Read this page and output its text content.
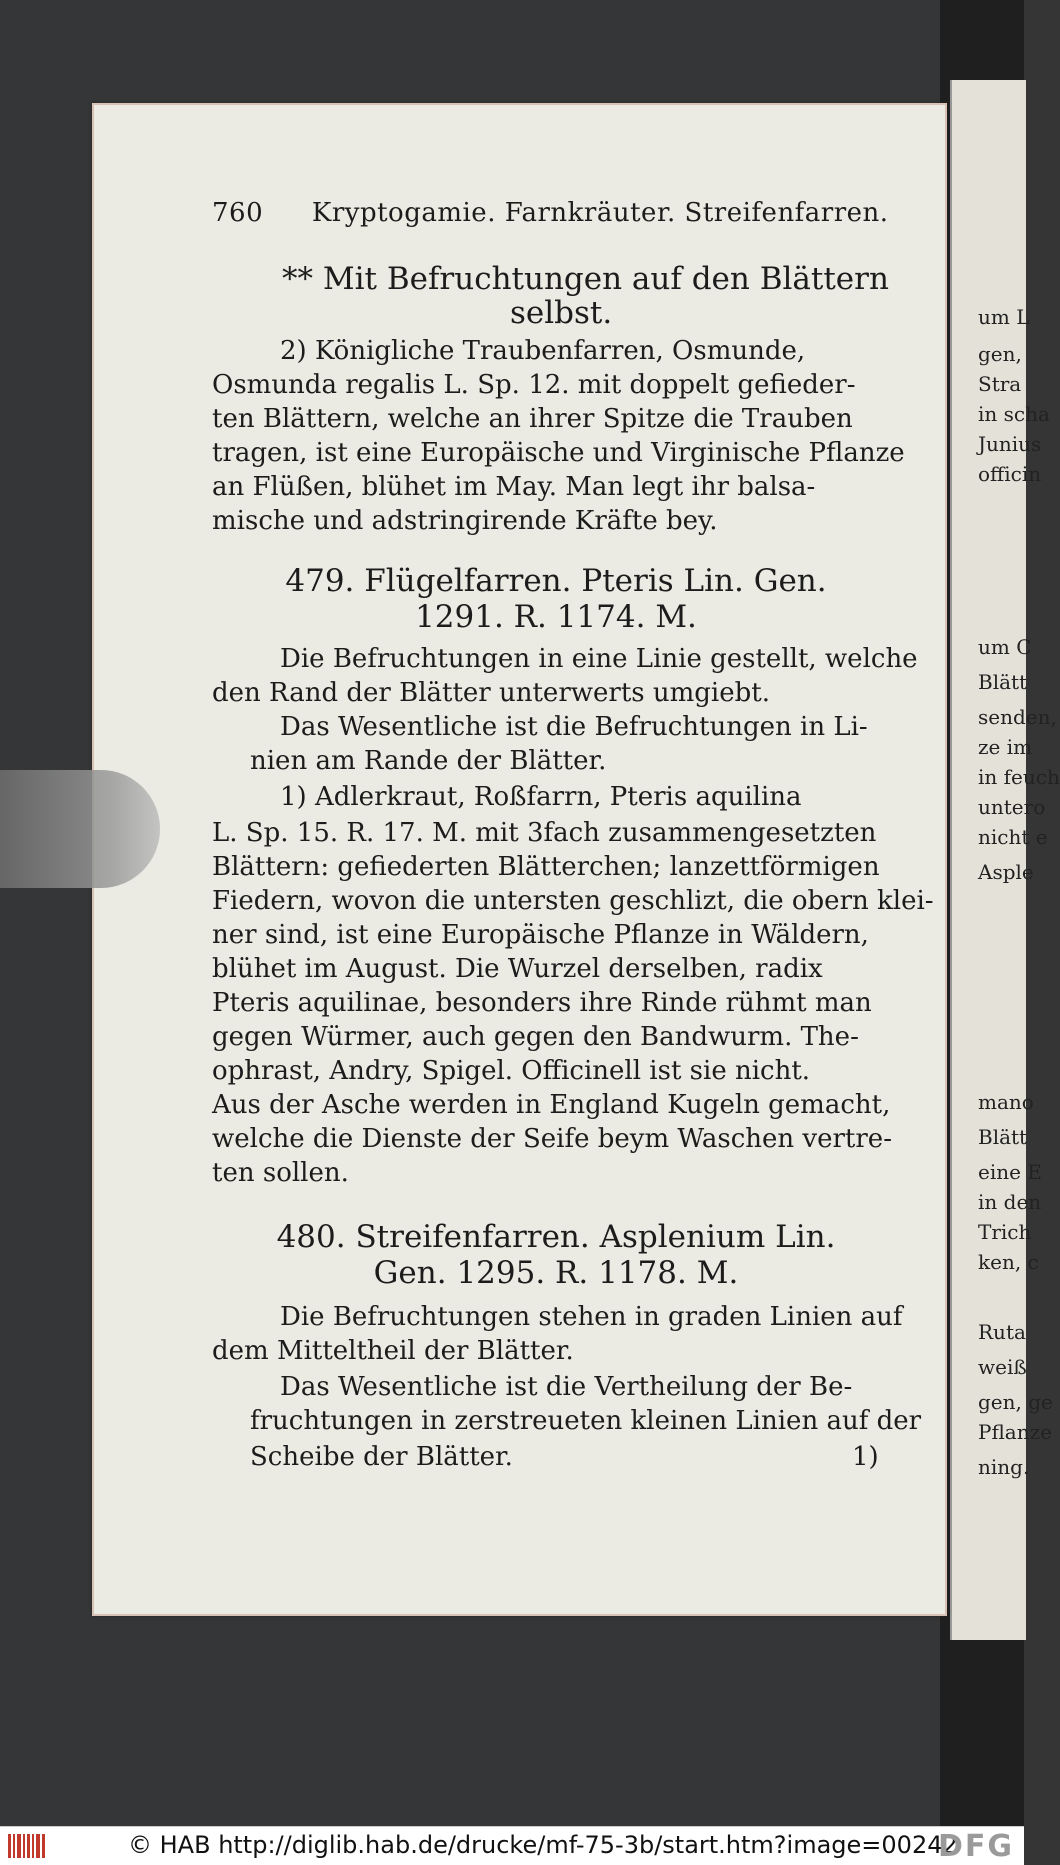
um L
gen,
Stra
in scha
Junius
officin
um C
Blätt
senden,
ze im
in feuch
untero
nicht e
Asple
mano
Blätt
eine E
in den
Trich
ken, c
Ruta
weiß
gen, ge
Pflanze
ning.
760 Kryptogamie. Farnkräuter. Streifenfarren.
** Mit Befruchtungen auf den Blättern
selbst.
2) Königliche Traubenfarren, Osmunde,
Osmunda regalis L. Sp. 12. mit doppelt gefieder-
ten Blättern, welche an ihrer Spitze die Trauben
tragen, ist eine Europäische und Virginische Pflanze
an Flüßen, blühet im May. Man legt ihr balsa-
mische und adstringirende Kräfte bey.
479. Flügelfarren. Pteris Lin. Gen.
1291. R. 1174. M.
Die Befruchtungen in eine Linie gestellt, welche
den Rand der Blätter unterwerts umgiebt.
Das Wesentliche ist die Befruchtungen in Li-
nien am Rande der Blätter.
1) Adlerkraut, Roßfarrn, Pteris aquilina
L. Sp. 15. R. 17. M. mit 3fach zusammengesetzten
Blättern: gefiederten Blätterchen; lanzettförmigen
Fiedern, wovon die untersten geschlizt, die obern klei-
ner sind, ist eine Europäische Pflanze in Wäldern,
blühet im August. Die Wurzel derselben, radix
Pteris aquilinae, besonders ihre Rinde rühmt man
gegen Würmer, auch gegen den Bandwurm. The-
ophrast, Andry, Spigel. Officinell ist sie nicht.
Aus der Asche werden in England Kugeln gemacht,
welche die Dienste der Seife beym Waschen vertre-
ten sollen.
480. Streifenfarren. Asplenium Lin.
Gen. 1295. R. 1178. M.
Die Befruchtungen stehen in graden Linien auf
dem Mitteltheil der Blätter.
Das Wesentliche ist die Vertheilung der Be-
fruchtungen in zerstreueten kleinen Linien auf der
Scheibe der Blätter.	1)
© HAB http://diglib.hab.de/drucke/mf-75-3b/start.htm?image=00242
DFG
